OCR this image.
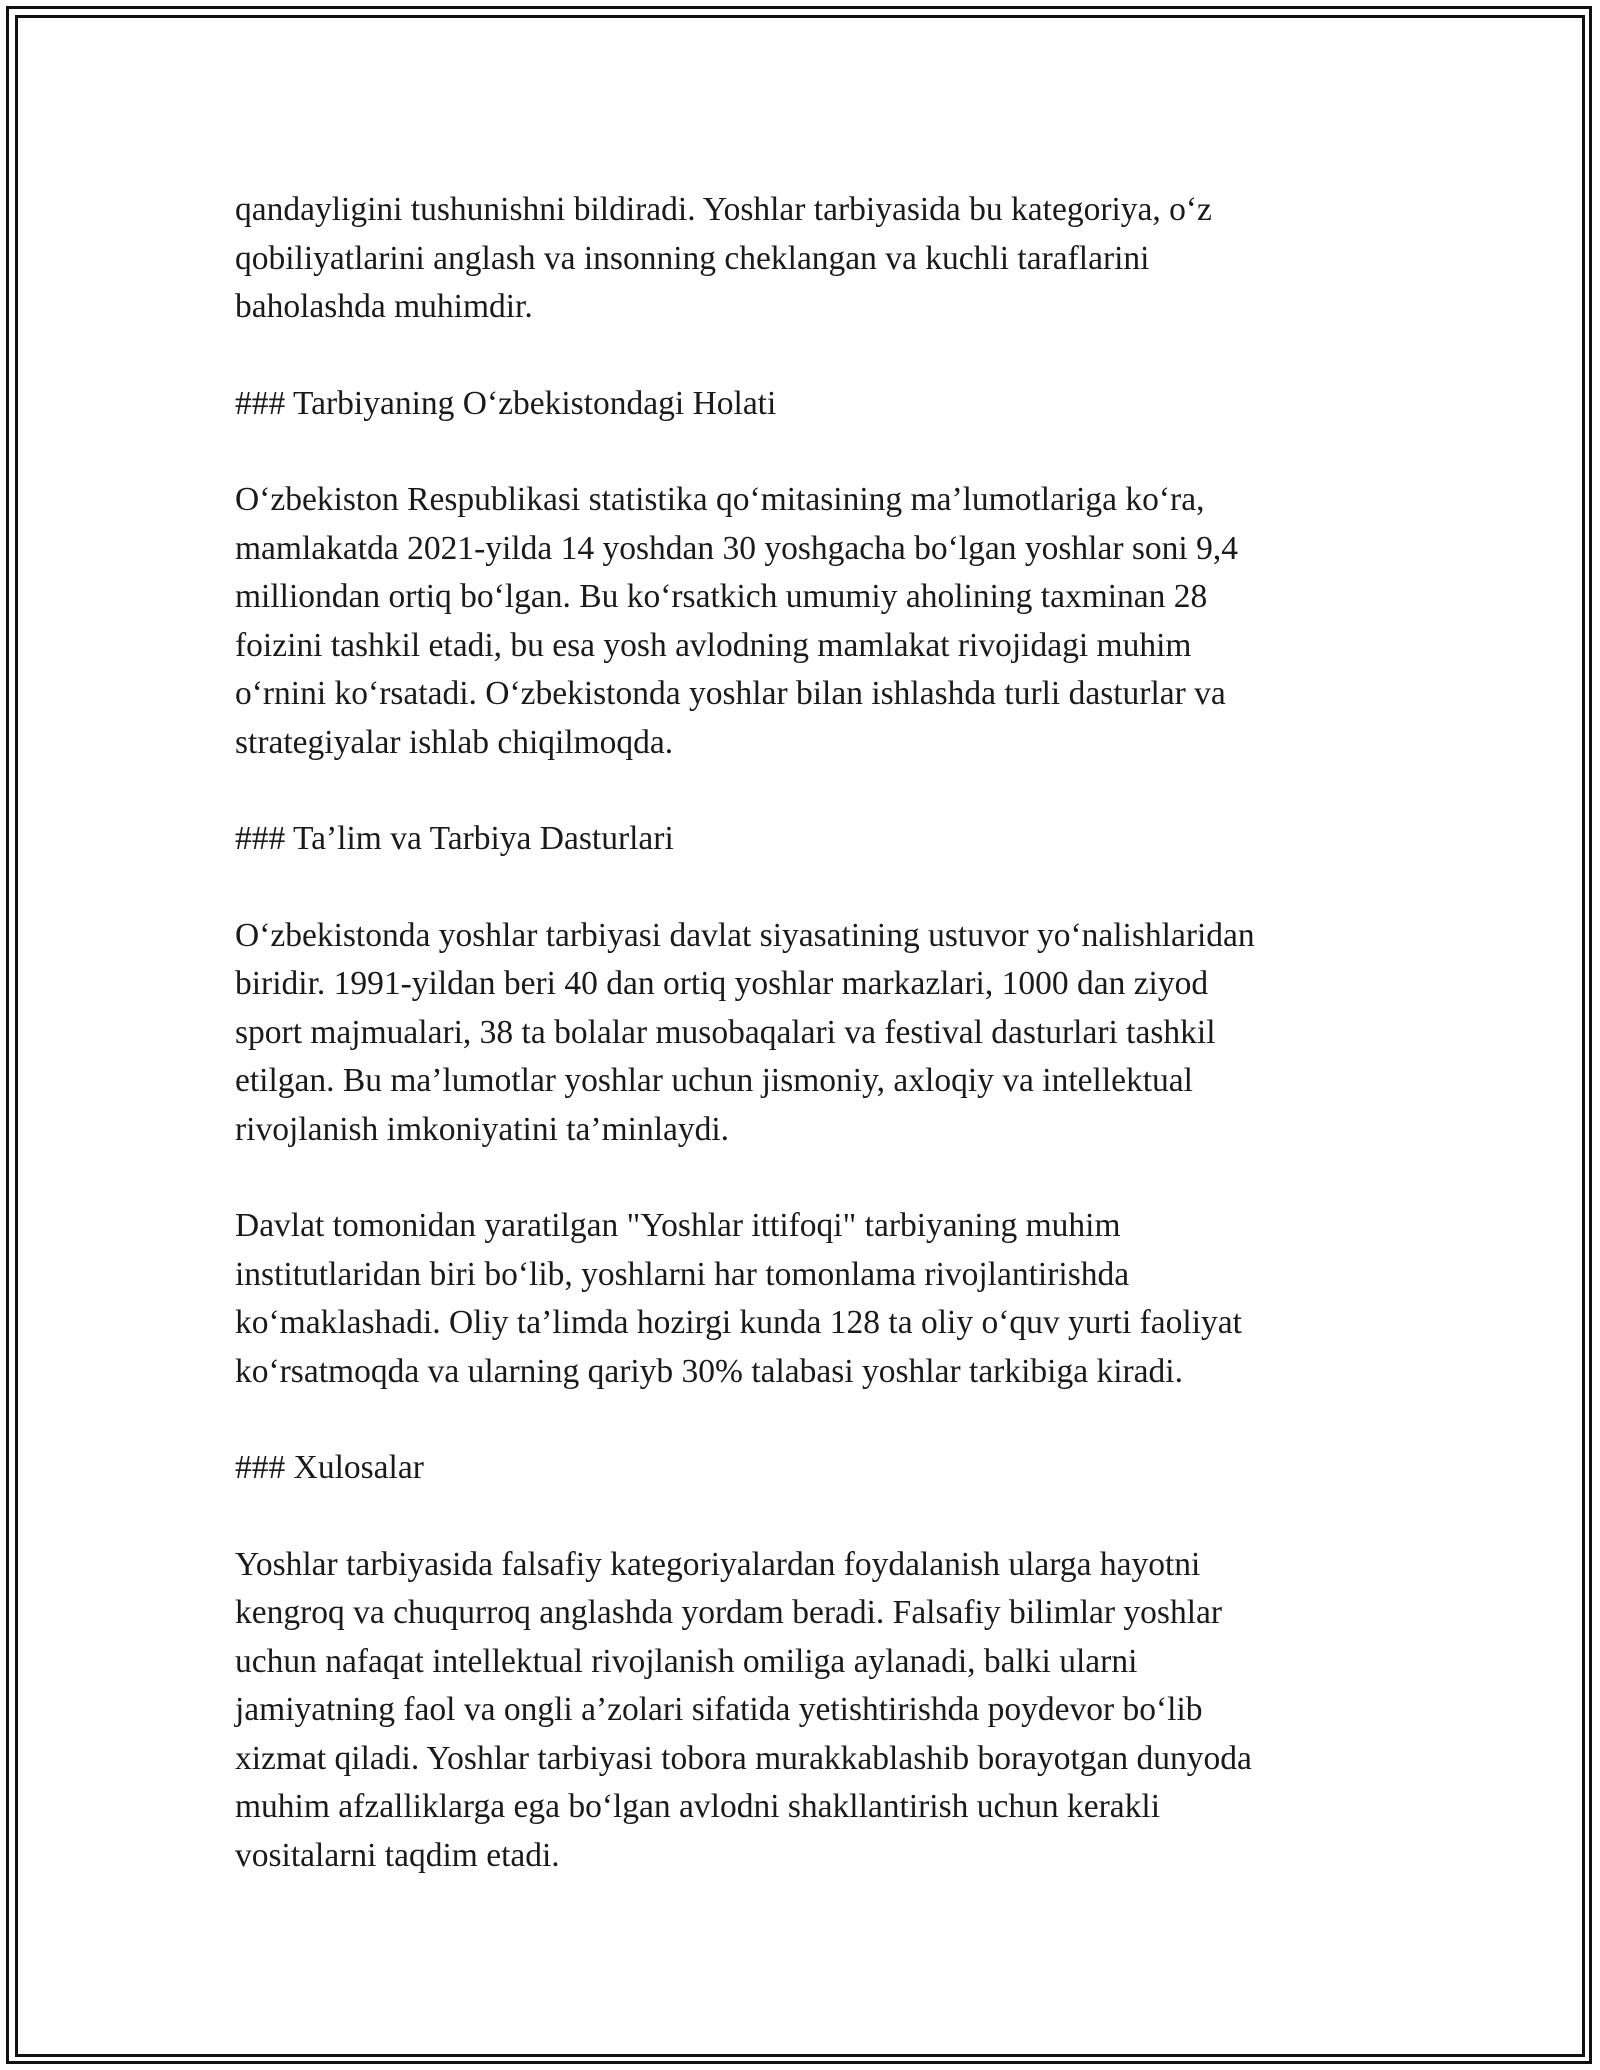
qandayligini tushunishni bildiradi. Yoshlar tarbiyasida bu kategoriya, o‘z
qobiliyatlarini anglash va insonning cheklangan va kuchli taraflarini
baholashda muhimdir.
### Tarbiyaning O‘zbekistondagi Holati
O‘zbekiston Respublikasi statistika qo‘mitasining ma’lumotlariga ko‘ra,
mamlakatda 2021-yilda 14 yoshdan 30 yoshgacha bo‘lgan yoshlar soni 9,4
milliondan ortiq bo‘lgan. Bu ko‘rsatkich umumiy aholining taxminan 28
foizini tashkil etadi, bu esa yosh avlodning mamlakat rivojidagi muhim
o‘rnini ko‘rsatadi. O‘zbekistonda yoshlar bilan ishlashda turli dasturlar va
strategiyalar ishlab chiqilmoqda.
### Ta’lim va Tarbiya Dasturlari
O‘zbekistonda yoshlar tarbiyasi davlat siyasatining ustuvor yo‘nalishlaridan
biridir. 1991-yildan beri 40 dan ortiq yoshlar markazlari, 1000 dan ziyod
sport majmualari, 38 ta bolalar musobaqalari va festival dasturlari tashkil
etilgan. Bu ma’lumotlar yoshlar uchun jismoniy, axloqiy va intellektual
rivojlanish imkoniyatini ta’minlaydi.
Davlat tomonidan yaratilgan "Yoshlar ittifoqi" tarbiyaning muhim
institutlaridan biri bo‘lib, yoshlarni har tomonlama rivojlantirishda
ko‘maklashadi. Oliy ta’limda hozirgi kunda 128 ta oliy o‘quv yurti faoliyat
ko‘rsatmoqda va ularning qariyb 30% talabasi yoshlar tarkibiga kiradi.
### Xulosalar
Yoshlar tarbiyasida falsafiy kategoriyalardan foydalanish ularga hayotni
kengroq va chuqurroq anglashda yordam beradi. Falsafiy bilimlar yoshlar
uchun nafaqat intellektual rivojlanish omiliga aylanadi, balki ularni
jamiyatning faol va ongli a’zolari sifatida yetishtirishda poydevor bo‘lib
xizmat qiladi. Yoshlar tarbiyasi tobora murakkablashib borayotgan dunyoda
muhim afzalliklarga ega bo‘lgan avlodni shakllantirish uchun kerakli
vositalarni taqdim etadi.
